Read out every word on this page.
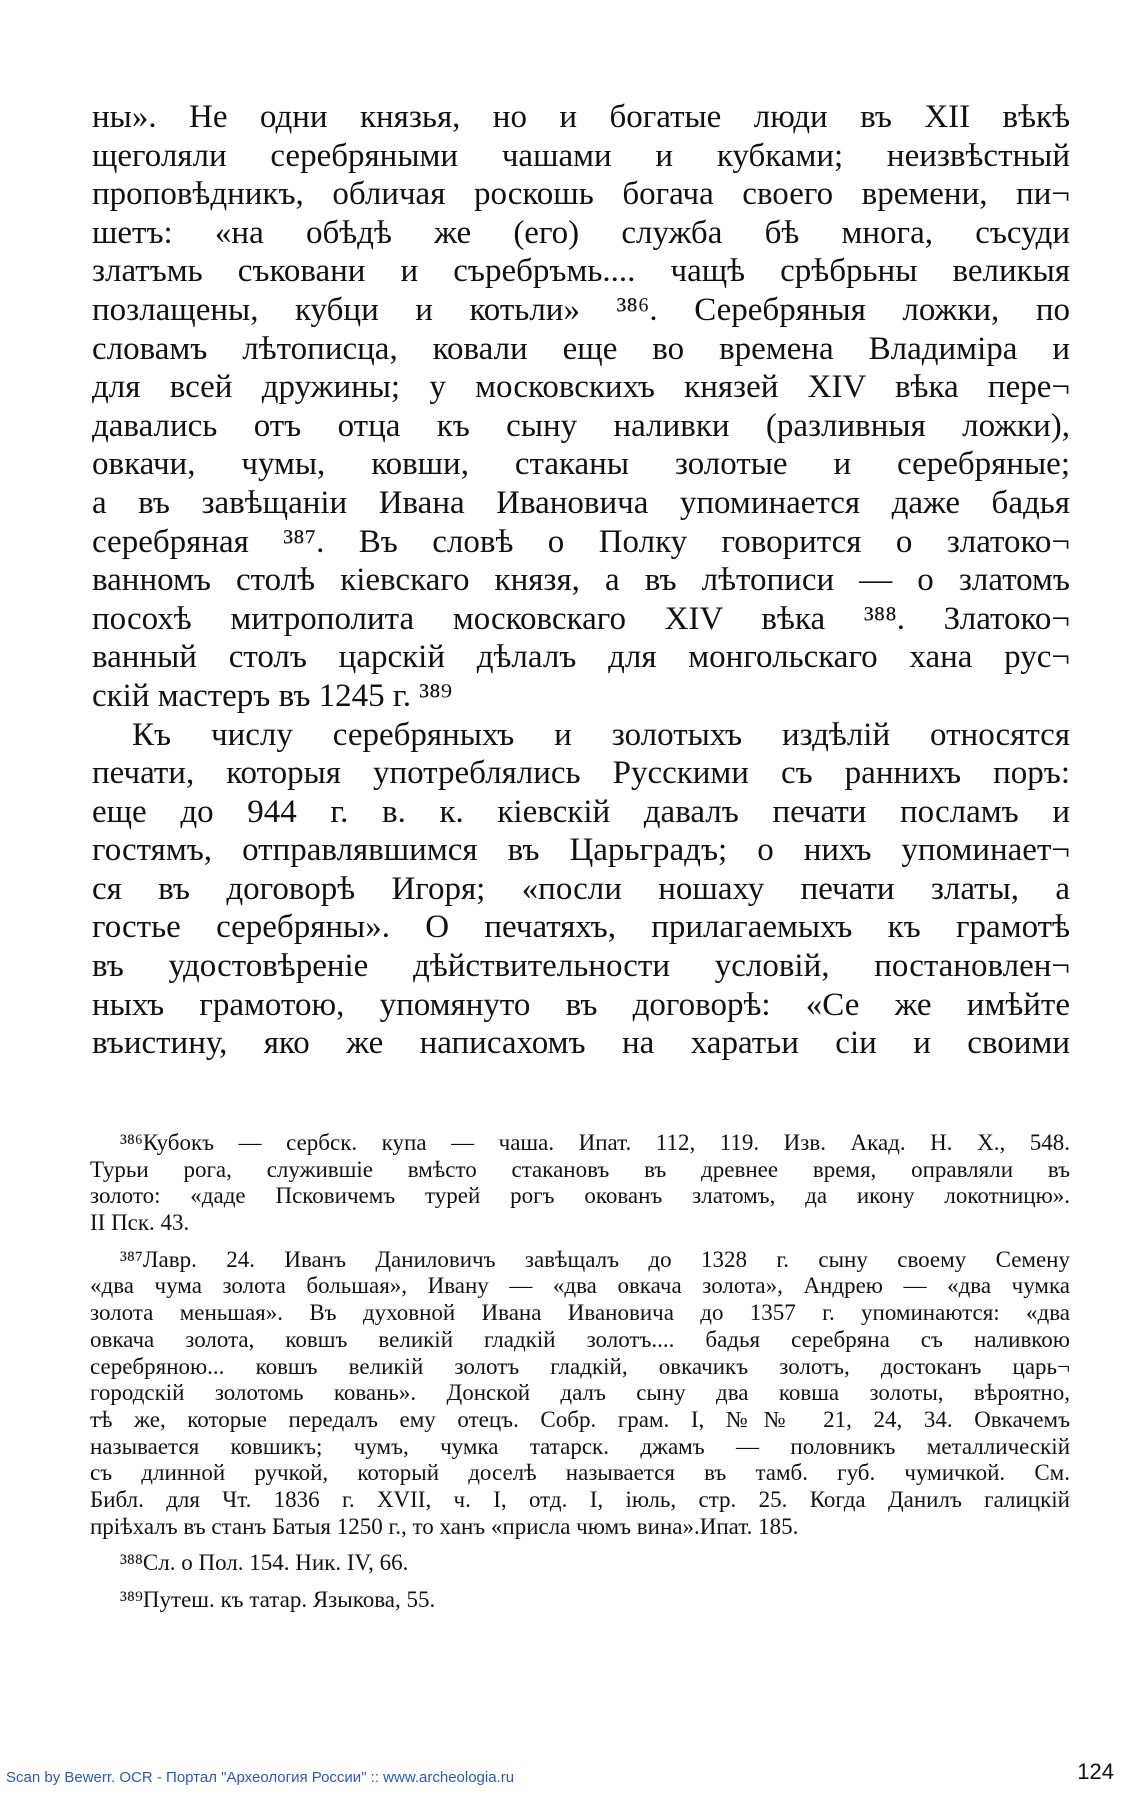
ны». Не одни князья, но и богатые люди въ XII вѣкѣ
щеголяли серебряными чашами и кубками; неизвѣстный
проповѣдникъ, обличая роскошь богача своего времени, пи¬
шетъ: «на обѣдѣ же (его) служба бѣ многа, съсуди
златъмь съковани и съребръмь.... чащѣ срѣбрьны великыя
позлащены, кубци и котьли» ³⁸⁶. Серебряныя ложки, по
словамъ лѣтописца, ковали еще во времена Владиміра и
для всей дружины; у московскихъ князей XIV вѣка пере¬
давались отъ отца къ сыну наливки (разливныя ложки),
овкачи, чумы, ковши, стаканы золотые и серебряные;
а въ завѣщаніи Ивана Ивановича упоминается даже бадья
серебряная ³⁸⁷. Въ словѣ о Полку говорится о златоко¬
ванномъ столѣ кіевскаго князя, а въ лѣтописи — о златомъ
посохѣ митрополита московскаго XIV вѣка ³⁸⁸. Златоко¬
ванный столъ царскій дѣлалъ для монгольскаго хана рус¬
скій мастеръ въ 1245 г. ³⁸⁹
Къ числу серебряныхъ и золотыхъ издѣлій относятся
печати, которыя употреблялись Русскими съ раннихъ поръ:
еще до 944 г. в. к. кіевскій давалъ печати посламъ и
гостямъ, отправлявшимся въ Царьградъ; о нихъ упоминает¬
ся въ договорѣ Игоря; «посли ношаху печати златы, а
гостье серебряны». О печатяхъ, прилагаемыхъ къ грамотѣ
въ удостовѣреніе дѣйствительности условій, постановлен¬
ныхъ грамотою, упомянуто въ договорѣ: «Се же имѣйте
въистину, яко же написахомъ на харатьи сіи и своими
³⁸⁶Кубокъ — сербск. купа — чаша. Ипат. 112, 119. Изв. Акад. Н. X., 548.
Турьи рога, служившіе вмѣсто стакановъ въ древнее время, оправляли въ
золото: «даде Псковичемъ турей рогъ окованъ златомъ, да икону локотницю».
II Пск. 43.
³⁸⁷Лавр. 24. Иванъ Даниловичъ завѣщалъ до 1328 г. сыну своему Семену
«два чума золота большая», Ивану — «два овкача золота», Андрею — «два чумка
золота меньшая». Въ духовной Ивана Ивановича до 1357 г. упоминаются: «два
овкача золота, ковшъ великій гладкій золотъ.... бадья серебряна съ наливкою
серебряною... ковшъ великій золотъ гладкій, овкачикъ золотъ, достоканъ царь¬
городскій золотомь ковань». Донской далъ сыну два ковша золоты, вѣроятно,
тѣ же, которые передалъ ему отецъ. Собр. грам. I, №№ 21, 24, 34. Овкачемъ
называется ковшикъ; чумъ, чумка татарск. джамъ — половникъ металлическій
съ длинной ручкой, который доселѣ называется въ тамб. губ. чумичкой. См.
Библ. для Чт. 1836 г. XVII, ч. I, отд. I, іюль, стр. 25. Когда Данилъ галицкій
пріѣхалъ въ станъ Батыя 1250 г., то ханъ «присла чюмъ вина».Ипат. 185.
³⁸⁸Сл. о Пол. 154. Ник. IV, 66.
³⁸⁹Путеш. къ татар. Языкова, 55.
Scan by Bewerr. OCR - Портал "Археология России" :: www.archeologia.ru	124
